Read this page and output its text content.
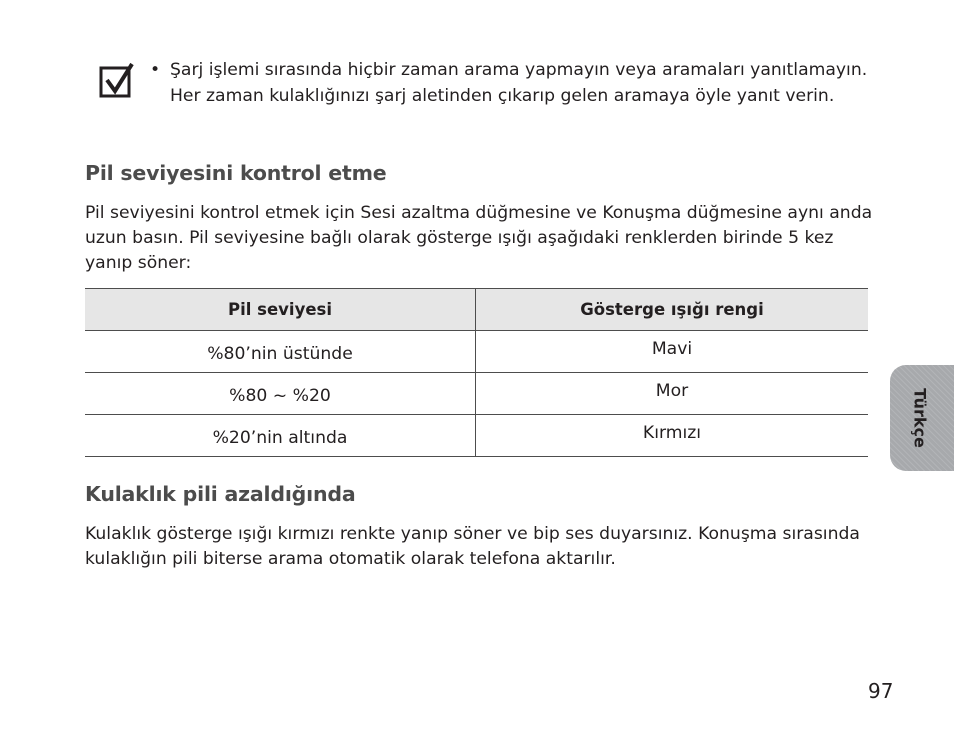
• Şarj işlemi sırasında hiçbir zaman arama yapmayın veya aramaları yanıtlamayın. Her zaman kulaklığınızı şarj aletinden çıkarıp gelen aramaya öyle yanıt verin.
Pil seviyesini kontrol etme

Pil seviyesini kontrol etmek için Sesi azaltma düğmesine ve Konuşma düğmesine aynı anda uzun basın. Pil seviyesine bağlı olarak gösterge ışığı aşağıdaki renklerden birinde 5 kez yanıp söner:

Pil seviyesi	Gösterge ışığı rengi
%80’nin üstünde	Mavi
%80 ~ %20	Mor
%20’nin altında	Kırmızı
Kulaklık pili azaldığında

Kulaklık gösterge ışığı kırmızı renkte yanıp söner ve bip ses duyarsınız. Konuşma sırasında kulaklığın pili biterse arama otomatik olarak telefona aktarılır.

Türkçe
97
